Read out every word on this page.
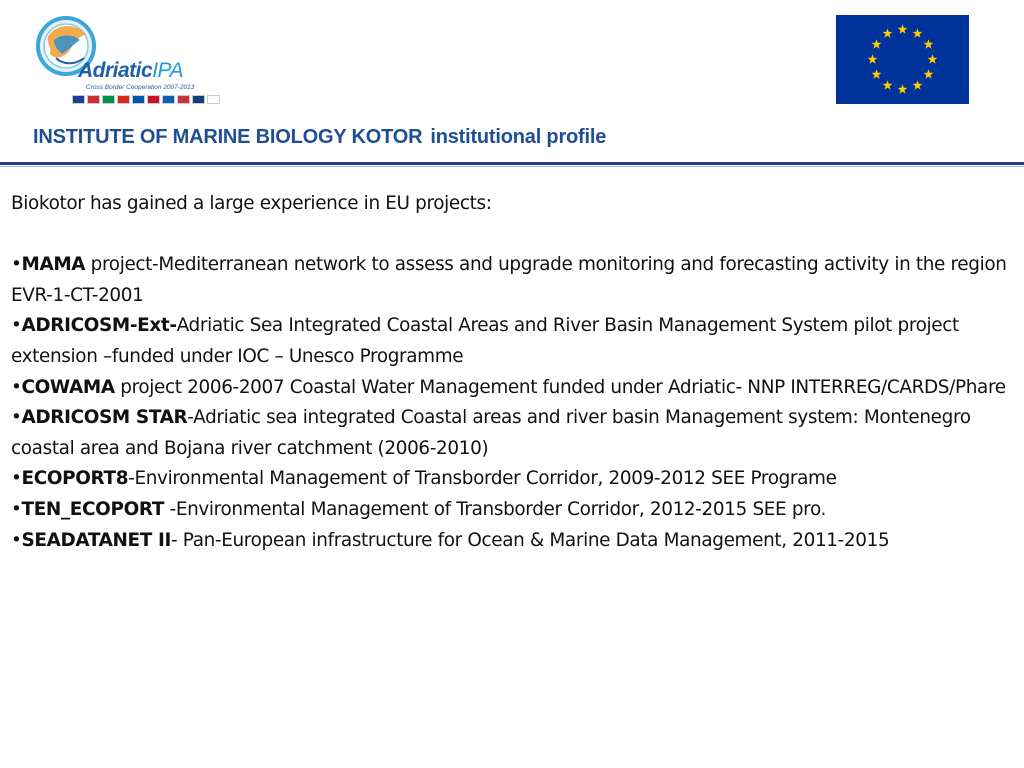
AdriaticIPA
Cross Border Cooperation 2007-2013
INSTITUTE OF MARINE BIOLOGY KOTOR institutional profile

Biokotor has gained a large experience in EU projects:

•MAMA project-Mediterranean network to assess and upgrade monitoring and forecasting activity in the region EVR-1-CT-2001

•ADRICOSM-Ext-Adriatic Sea Integrated Coastal Areas and River Basin Management System pilot project extension –funded under IOC – Unesco Programme

•COWAMA project 2006-2007 Coastal Water Management funded under Adriatic- NNP INTERREG/CARDS/Phare

•ADRICOSM STAR-Adriatic sea integrated Coastal areas and river basin Management system: Montenegro coastal area and Bojana river catchment (2006-2010)

•ECOPORT8-Environmental Management of Transborder Corridor, 2009-2012 SEE Programe

•TEN_ECOPORT -Environmental Management of Transborder Corridor, 2012-2015 SEE pro.

•SEADATANET II- Pan-European infrastructure for Ocean & Marine Data Management, 2011-2015
